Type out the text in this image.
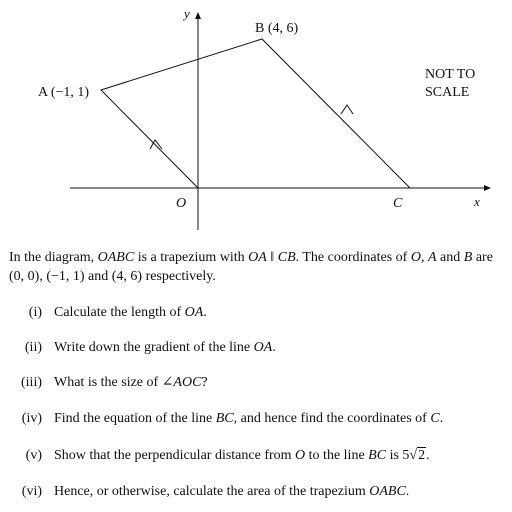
y
x
O
A (−1, 1)
B (4, 6)
C
NOT TO
SCALE

In the diagram, OABC is a trapezium with OA ‖ CB. The coordinates of O, A and B are (0, 0), (−1, 1) and (4, 6) respectively.

(i) Calculate the length of OA.
(ii) Write down the gradient of the line OA.
(iii) What is the size of ∠AOC?
(iv) Find the equation of the line BC, and hence find the coordinates of C.
(v) Show that the perpendicular distance from O to the line BC is 5√2.
(vi) Hence, or otherwise, calculate the area of the trapezium OABC.
